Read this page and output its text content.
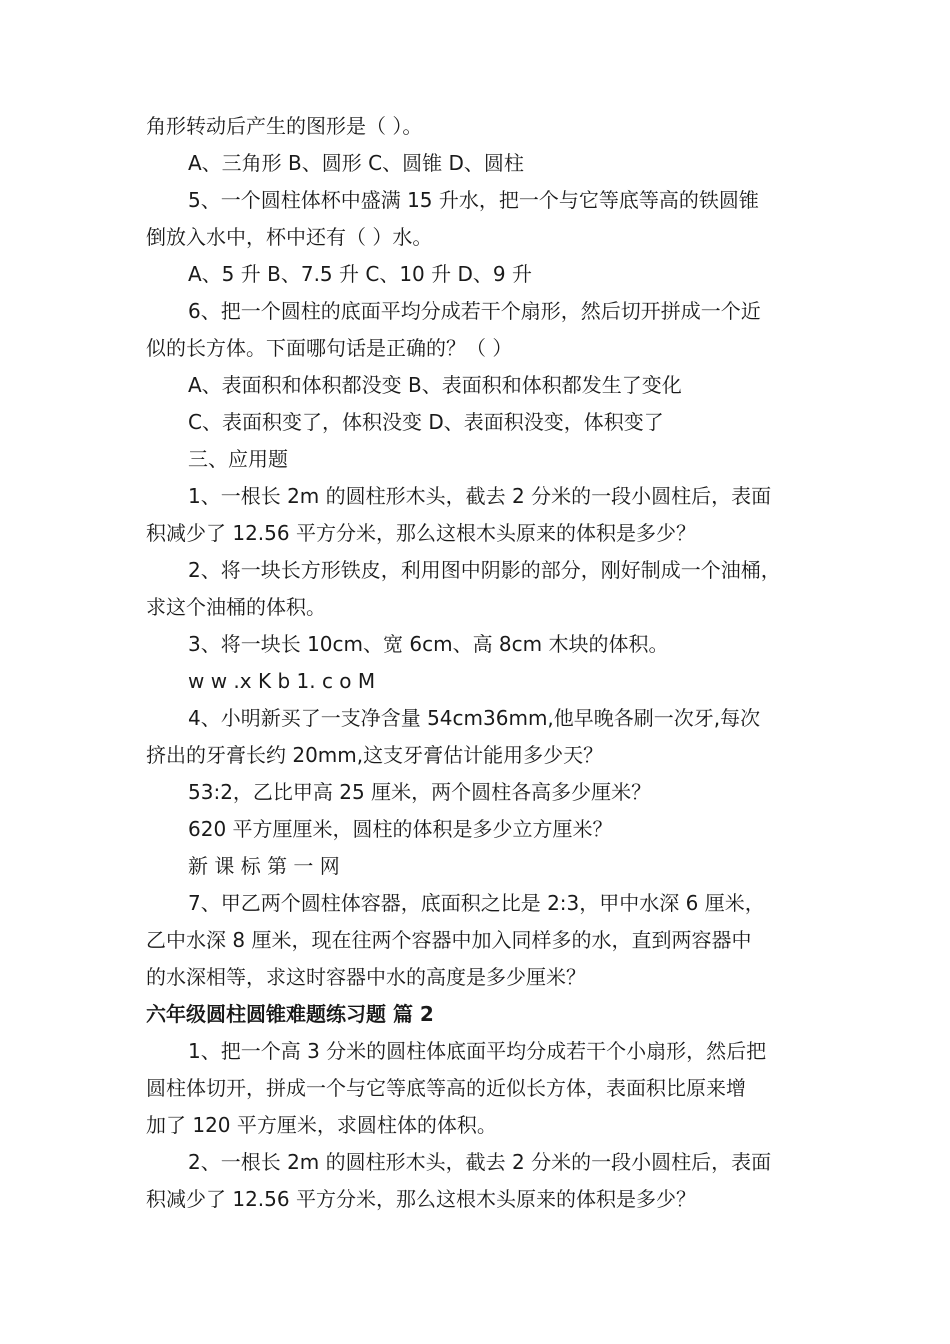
角形转动后产生的图形是（ ）。
A、三角形 B、圆形 C、圆锥 D、圆柱
5、一个圆柱体杯中盛满 15 升水，把一个与它等底等高的铁圆锥
倒放入水中，杯中还有（ ）水。
A、5 升 B、7.5 升 C、10 升 D、9 升
6、把一个圆柱的底面平均分成若干个扇形，然后切开拼成一个近
似的长方体。下面哪句话是正确的？（ ）
A、表面积和体积都没变 B、表面积和体积都发生了变化
C、表面积变了，体积没变 D、表面积没变，体积变了
三、应用题
1、一根长 2m 的圆柱形木头，截去 2 分米的一段小圆柱后，表面
积减少了 12.56 平方分米，那么这根木头原来的体积是多少？
2、将一块长方形铁皮，利用图中阴影的部分，刚好制成一个油桶，
求这个油桶的体积。
3、将一块长 10cm、宽 6cm、高 8cm 木块的体积。
w w .x K b 1. c o M
4、小明新买了一支净含量 54cm36mm,他早晚各刷一次牙,每次
挤出的牙膏长约 20mm,这支牙膏估计能用多少天？
53:2，乙比甲高 25 厘米，两个圆柱各高多少厘米？
620 平方厘厘米，圆柱的体积是多少立方厘米？
新 课 标 第 一 网
7、甲乙两个圆柱体容器，底面积之比是 2:3，甲中水深 6 厘米，
乙中水深 8 厘米，现在往两个容器中加入同样多的水，直到两容器中
的水深相等，求这时容器中水的高度是多少厘米？
六年级圆柱圆锥难题练习题 篇 2
1、把一个高 3 分米的圆柱体底面平均分成若干个小扇形，然后把
圆柱体切开，拼成一个与它等底等高的近似长方体，表面积比原来增
加了 120 平方厘米，求圆柱体的体积。
2、一根长 2m 的圆柱形木头，截去 2 分米的一段小圆柱后，表面
积减少了 12.56 平方分米，那么这根木头原来的体积是多少？
